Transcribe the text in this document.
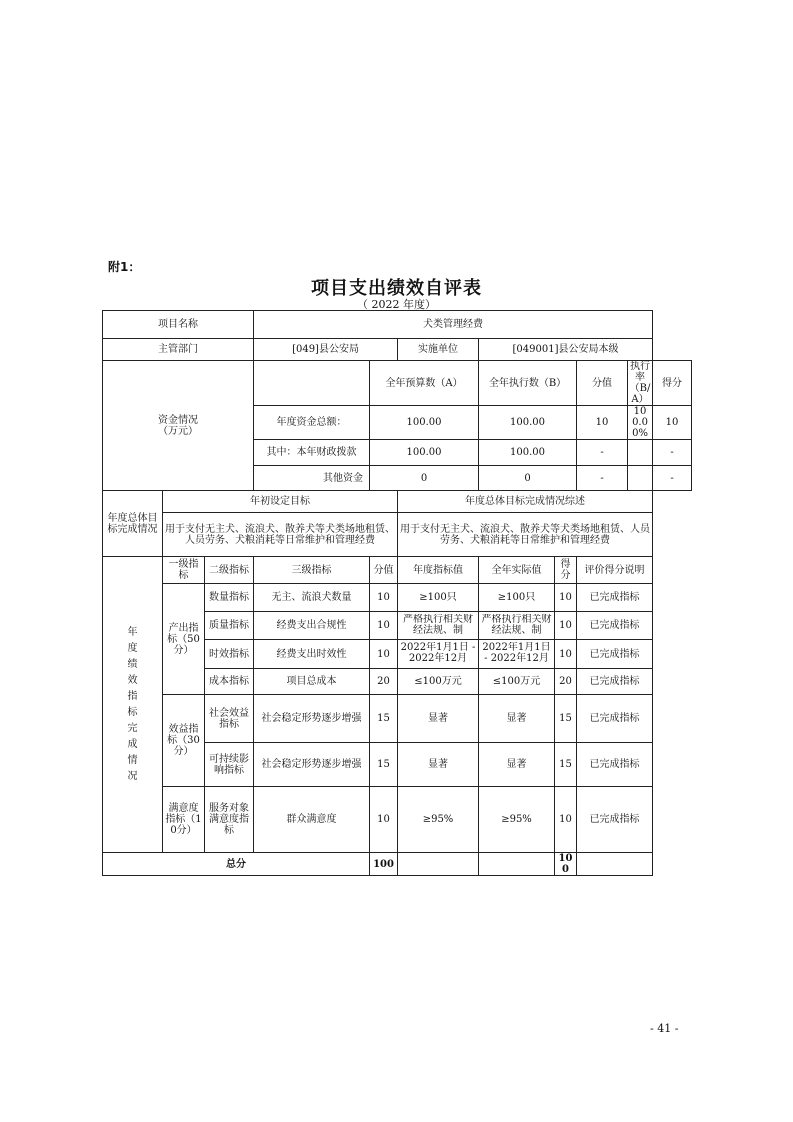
附1：
项目支出绩效自评表
（ 2022 年度）
项目名称			犬类管理经费							
主管部门			[049]县公安局		实施单位	[049001]县公安局本级				
资金情况
（万元）				全年预算数（A）		全年执行数（B）		分值	执行率（B/A）	得分
			年度资金总额：	100.00		100.00		10	100.00%	10
			其中：本年财政拨款	100.00		100.00		-		-
			其他资金	0		0		-		-
年度总体目标完成情况	年初设定目标				年度总体目标完成情况综述					
	用于支付无主犬、流浪犬、散养犬等犬类场地租赁、人员劳务、犬粮消耗等日常维护和管理经费				用于支付无主犬、流浪犬、散养犬等犬类场地租赁、人员劳务、犬粮消耗等日常维护和管理经费					
年度绩效指标完成情况	一级指标	二级指标	三级指标	分值	年度指标值	全年实际值	得分	评价得分说明		
	产出指标（50分）	数量指标	无主、流浪犬数量	10	≥100只	≥100只	10	已完成指标		
		质量指标	经费支出合规性	10	严格执行相关财经法规、制	严格执行相关财经法规、制	10	已完成指标		
		时效指标	经费支出时效性	10	2022年1月1日 - 2022年12月	2022年1月1日 - 2022年12月	10	已完成指标		
		成本指标	项目总成本	20	≤100万元	≤100万元	20	已完成指标		
	效益指标（30分）	社会效益指标	社会稳定形势逐步增强	15	显著	显著	15	已完成指标		
		可持续影响指标	社会稳定形势逐步增强	15	显著	显著	15	已完成指标		
	满意度指标（10分）	服务对象满意度指标	群众满意度	10	≥95%	≥95%	10	已完成指标		
总分				100			100			
- 41 -
